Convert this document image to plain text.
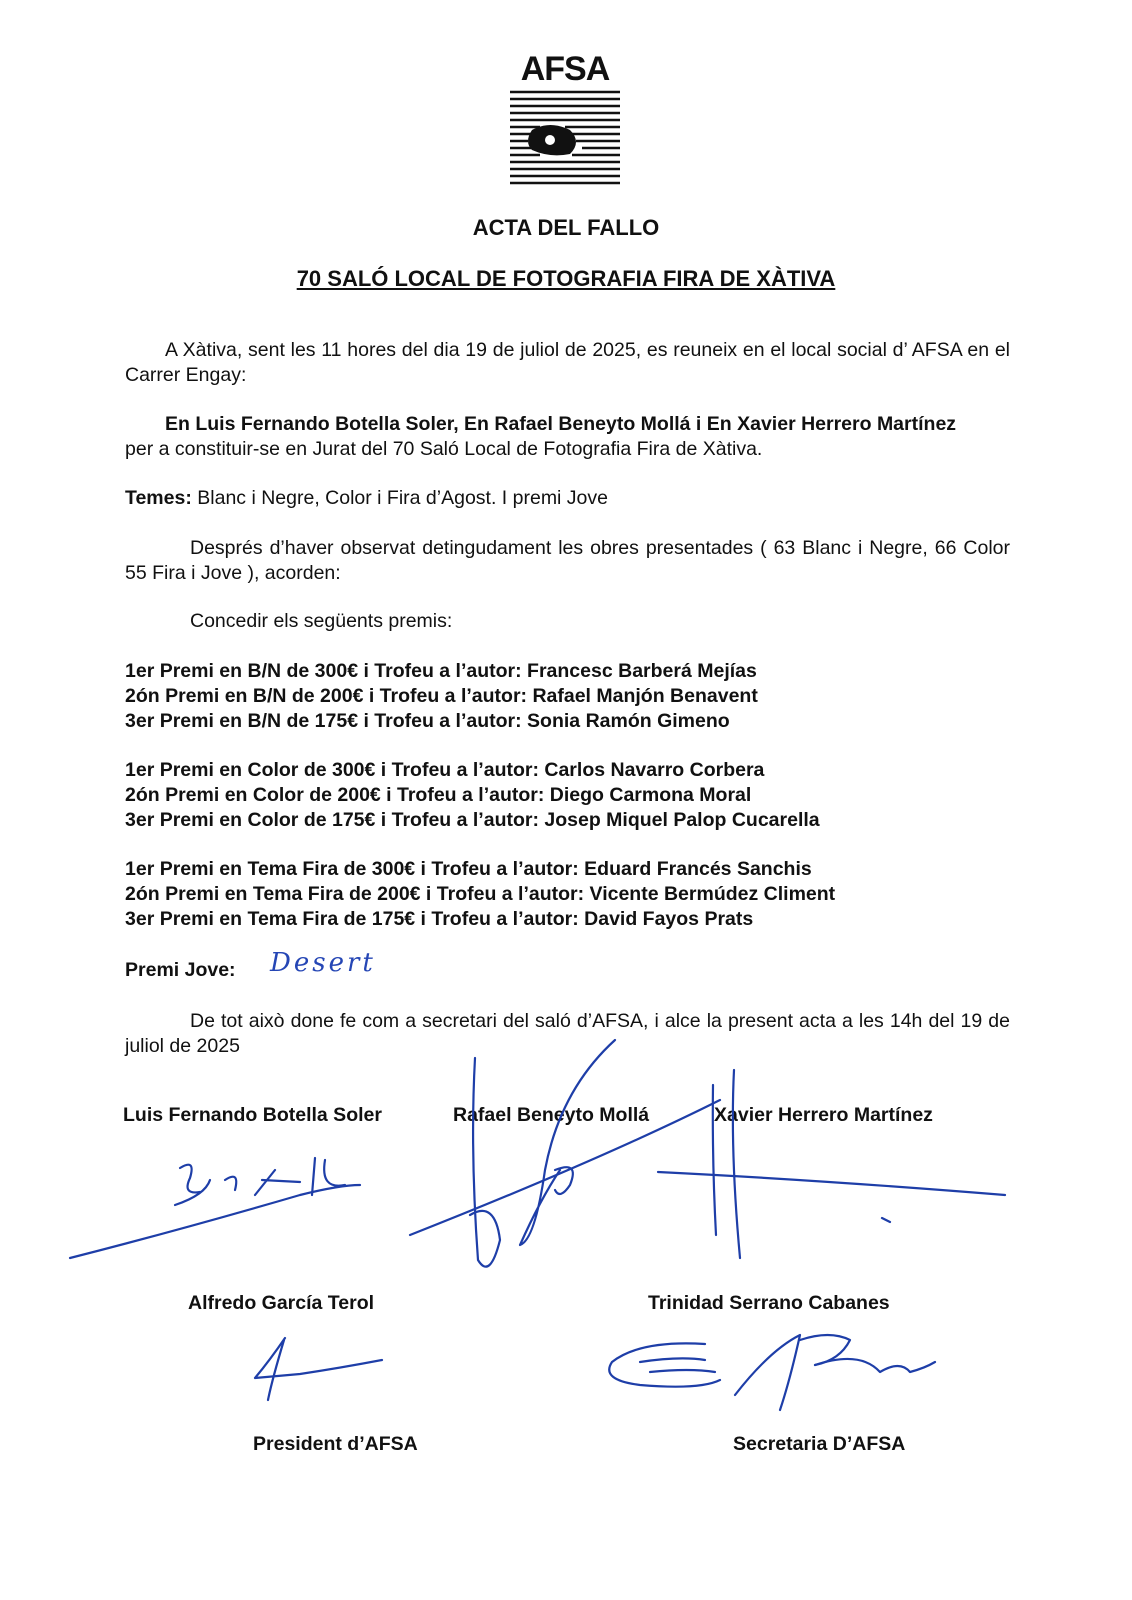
AFSA
ACTA DEL FALLO
70 SALÓ LOCAL DE FOTOGRAFIA FIRA DE XÀTIVA
A Xàtiva, sent les 11 hores del dia 19 de juliol de 2025, es reuneix en el local social d’ AFSA en el Carrer Engay:
En Luis Fernando Botella Soler, En Rafael Beneyto Mollá i En Xavier Herrero Martínez
per a constituir-se en Jurat del 70 Saló Local de Fotografia Fira de Xàtiva.
Temes: Blanc i Negre, Color i Fira d’Agost. I premi Jove
Després d’haver observat detingudament les obres presentades ( 63 Blanc i Negre, 66 Color 55 Fira i Jove ), acorden:
Concedir els següents premis:
1er Premi en B/N de 300€ i Trofeu a l’autor: Francesc Barberá Mejías
2ón Premi en B/N de 200€ i Trofeu a l’autor: Rafael Manjón Benavent
3er Premi en B/N de 175€ i Trofeu a l’autor: Sonia Ramón Gimeno
1er Premi en Color de 300€ i Trofeu a l’autor: Carlos Navarro Corbera
2ón Premi en Color de 200€ i Trofeu a l’autor: Diego Carmona Moral
3er Premi en Color de 175€ i Trofeu a l’autor: Josep Miquel Palop Cucarella
1er Premi en Tema Fira de 300€ i Trofeu a l’autor: Eduard Francés Sanchis
2ón Premi en Tema Fira de 200€ i Trofeu a l’autor: Vicente Bermúdez Climent
3er Premi en Tema Fira de 175€ i Trofeu a l’autor: David Fayos Prats
Premi Jove: Desert
De tot això done fe com a secretari del saló d’AFSA, i alce la present acta a les 14h del 19 de juliol de 2025
Luis Fernando Botella Soler	Rafael Beneyto Mollá	Xavier Herrero Martínez
Alfredo García Terol	Trinidad Serrano Cabanes
President d’AFSA	Secretaria D’AFSA
